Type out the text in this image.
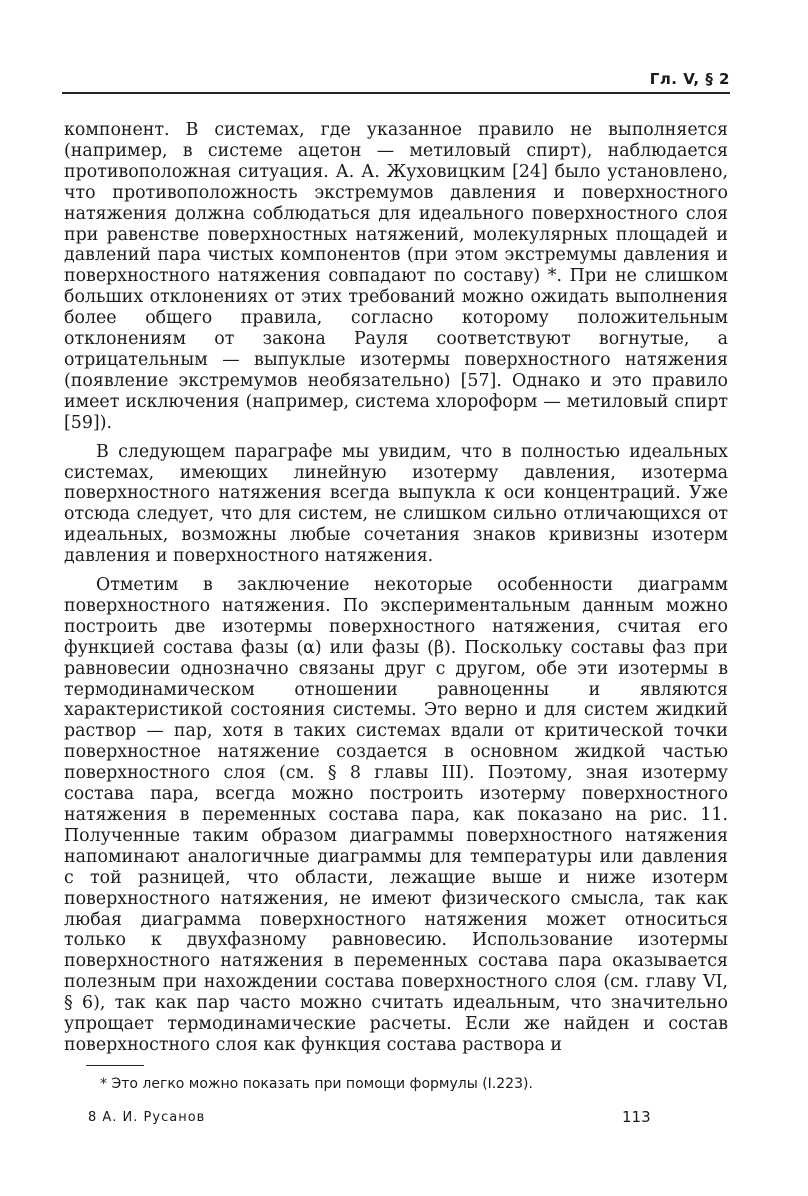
Гл. V, § 2

компонент. В системах, где указанное правило не выполняется (например, в системе ацетон — метиловый спирт), наблюдается противоположная ситуация. А. А. Жуховицким [24] было установлено, что противоположность экстремумов давления и поверхностного натяжения должна соблюдаться для идеального поверхностного слоя при равенстве поверхностных натяжений, молекулярных площадей и давлений пара чистых компонентов (при этом экстремумы давления и поверхностного натяжения совпадают по составу) *. При не слишком больших отклонениях от этих требований можно ожидать выполнения более общего правила, согласно которому положительным отклонениям от закона Рауля соответствуют вогнутые, а отрицательным — выпуклые изотермы поверхностного натяжения (появление экстремумов необязательно) [57]. Однако и это правило имеет исключения (например, система хлороформ — метиловый спирт [59]).

В следующем параграфе мы увидим, что в полностью идеальных системах, имеющих линейную изотерму давления, изотерма поверхностного натяжения всегда выпукла к оси концентраций. Уже отсюда следует, что для систем, не слишком сильно отличающихся от идеальных, возможны любые сочетания знаков кривизны изотерм давления и поверхностного натяжения.

Отметим в заключение некоторые особенности диаграмм поверхностного натяжения. По экспериментальным данным можно построить две изотермы поверхностного натяжения, считая его функцией состава фазы (α) или фазы (β). Поскольку составы фаз при равновесии однозначно связаны друг с другом, обе эти изотермы в термодинамическом отношении равноценны и являются характеристикой состояния системы. Это верно и для систем жидкий раствор — пар, хотя в таких системах вдали от критической точки поверхностное натяжение создается в основном жидкой частью поверхностного слоя (см. § 8 главы III). Поэтому, зная изотерму состава пара, всегда можно построить изотерму поверхностного натяжения в переменных состава пара, как показано на рис. 11. Полученные таким образом диаграммы поверхностного натяжения напоминают аналогичные диаграммы для температуры или давления с той разницей, что области, лежащие выше и ниже изотерм поверхностного натяжения, не имеют физического смысла, так как любая диаграмма поверхностного натяжения может относиться только к двухфазному равновесию. Использование изотермы поверхностного натяжения в переменных состава пара оказывается полезным при нахождении состава поверхностного слоя (см. главу VI, § 6), так как пар часто можно считать идеальным, что значительно упрощает термодинамические расчеты. Если же найден и состав поверхностного слоя как функция состава раствора и

* Это легко можно показать при помощи формулы (I.223).
8 А. И. Русанов	113
